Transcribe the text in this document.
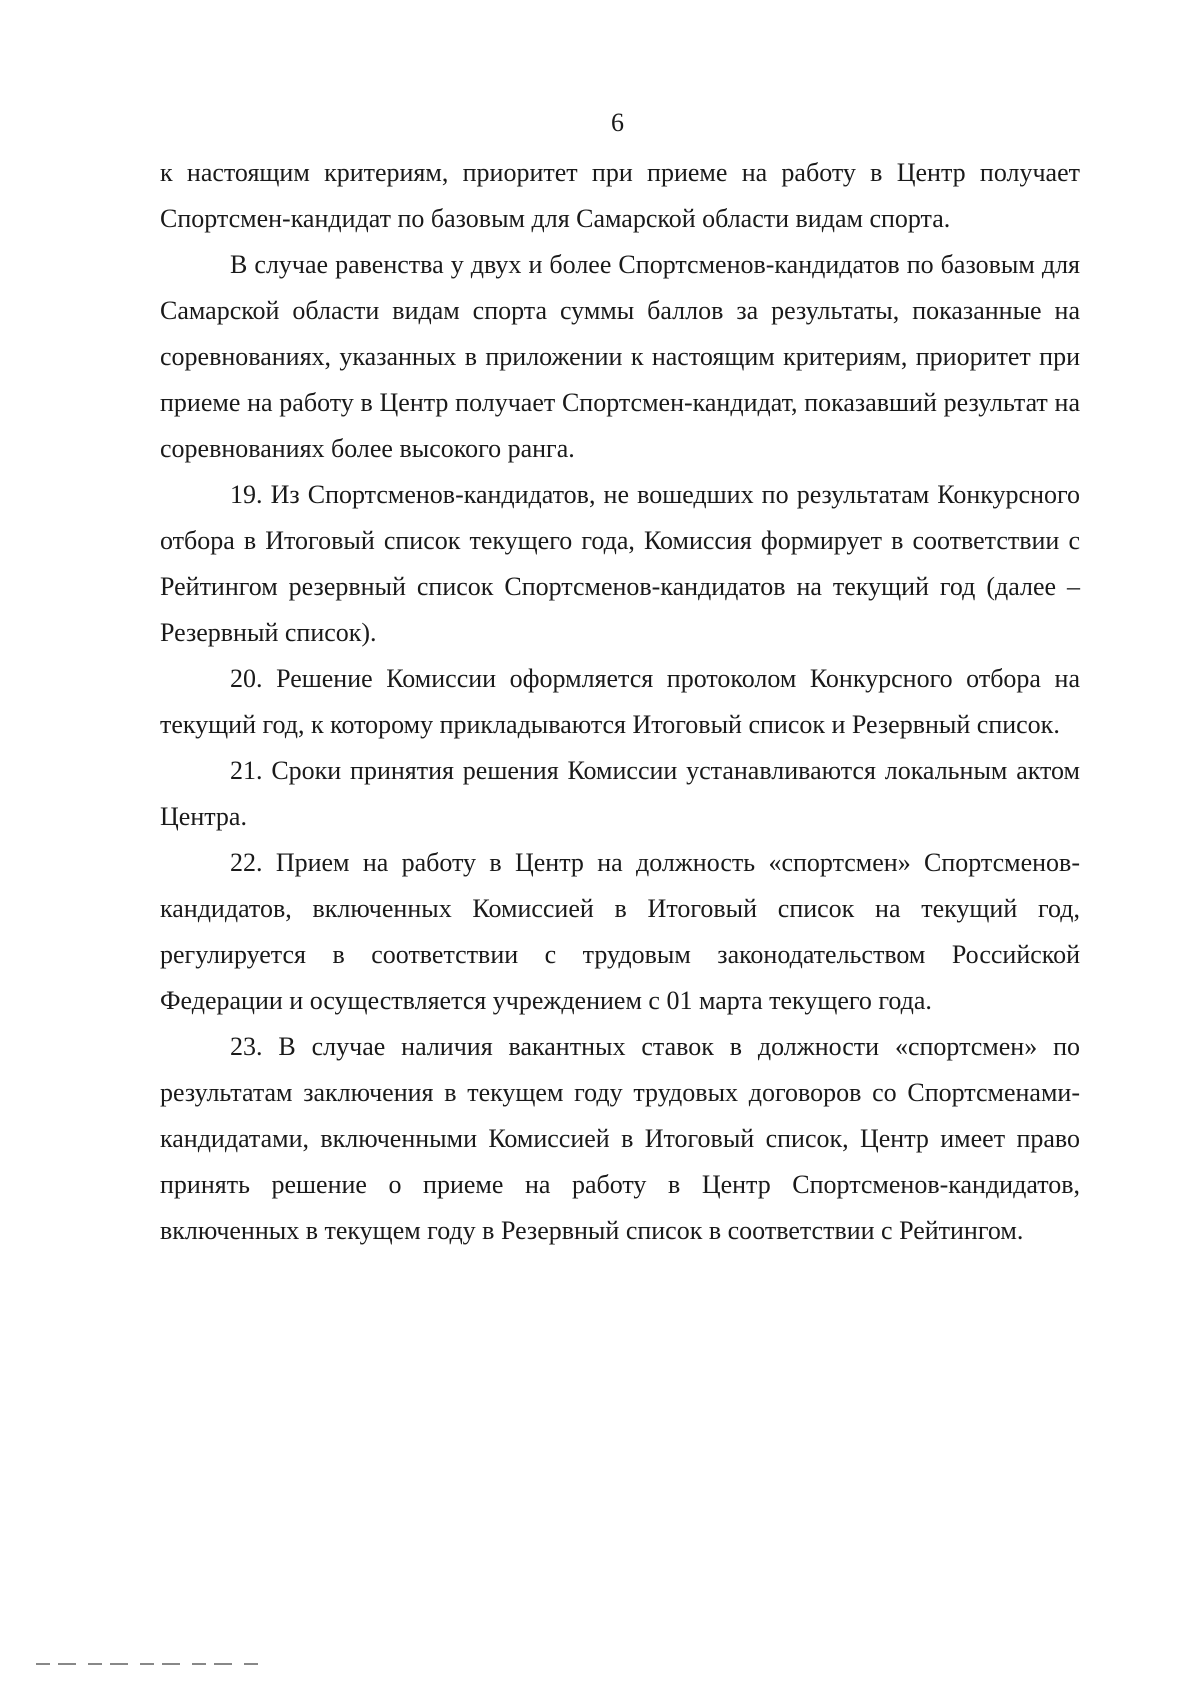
6

к настоящим критериям, приоритет при приеме на работу в Центр получает Спортсмен-кандидат по базовым для Самарской области видам спорта.

В случае равенства у двух и более Спортсменов-кандидатов по базовым для Самарской области видам спорта суммы баллов за результаты, показанные на соревнованиях, указанных в приложении к настоящим критериям, приоритет при приеме на работу в Центр получает Спортсмен-кандидат, показавший результат на соревнованиях более высокого ранга.

19. Из Спортсменов-кандидатов, не вошедших по результатам Конкурсного отбора в Итоговый список текущего года, Комиссия формирует в соответствии с Рейтингом резервный список Спортсменов-кандидатов на текущий год (далее – Резервный список).

20. Решение Комиссии оформляется протоколом Конкурсного отбора на текущий год, к которому прикладываются Итоговый список и Резервный список.

21. Сроки принятия решения Комиссии устанавливаются локальным актом Центра.

22. Прием на работу в Центр на должность «спортсмен» Спортсменов-кандидатов, включенных Комиссией в Итоговый список на текущий год, регулируется в соответствии с трудовым законодательством Российской Федерации и осуществляется учреждением с 01 марта текущего года.

23. В случае наличия вакантных ставок в должности «спортсмен» по результатам заключения в текущем году трудовых договоров со Спортсменами-кандидатами, включенными Комиссией в Итоговый список, Центр имеет право принять решение о приеме на работу в Центр Спортсменов-кандидатов, включенных в текущем году в Резервный список в соответствии с Рейтингом.
